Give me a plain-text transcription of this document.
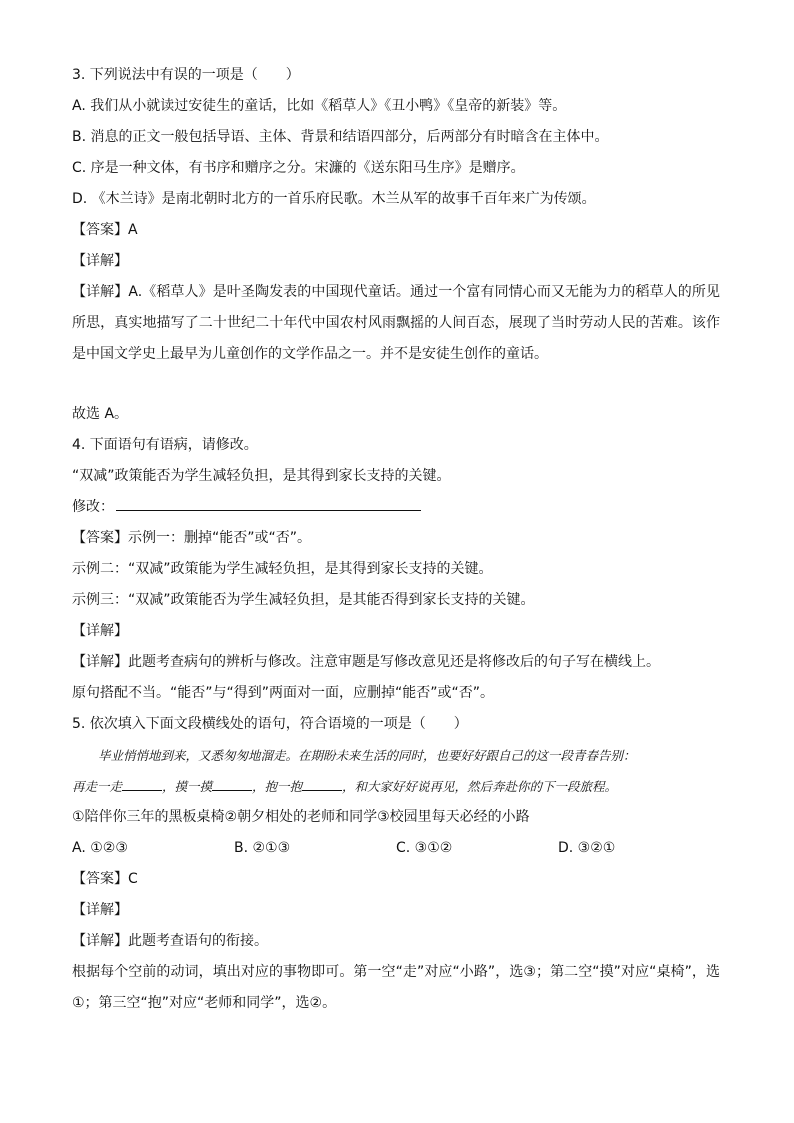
3. 下列说法中有误的一项是（　　）
A. 我们从小就读过安徒生的童话，比如《稻草人》《丑小鸭》《皇帝的新装》等。
B. 消息的正文一般包括导语、主体、背景和结语四部分，后两部分有时暗含在主体中。
C. 序是一种文体，有书序和赠序之分。宋濂的《送东阳马生序》是赠序。
D. 《木兰诗》是南北朝时北方的一首乐府民歌。木兰从军的故事千百年来广为传颂。
【答案】A
【详解】
【详解】A.《稻草人》是叶圣陶发表的中国现代童话。通过一个富有同情心而又无能为力的稻草人的所见所思，真实地描写了二十世纪二十年代中国农村风雨飘摇的人间百态，展现了当时劳动人民的苦难。该作是中国文学史上最早为儿童创作的文学作品之一。并不是安徒生创作的童话。
故选 A。
4. 下面语句有语病，请修改。
“双减”政策能否为学生减轻负担，是其得到家长支持的关键。
修改：
【答案】示例一：删掉“能否”或“否”。
示例二：“双减”政策能为学生减轻负担，是其得到家长支持的关键。
示例三：“双减”政策能否为学生减轻负担，是其能否得到家长支持的关键。
【详解】
【详解】此题考查病句的辨析与修改。注意审题是写修改意见还是将修改后的句子写在横线上。
原句搭配不当。“能否”与“得到”两面对一面，应删掉“能否”或“否”。
5. 依次填入下面文段横线处的语句，符合语境的一项是（　　）
毕业悄悄地到来，又悉匆匆地溜走。在期盼未来生活的同时，也要好好跟自己的这一段青春告别：
再走一走	，摸一摸	，抱一抱	，和大家好好说再见，然后奔赴你的下一段旅程。
①陪伴你三年的黑板桌椅②朝夕相处的老师和同学③校园里每天必经的小路
A. ①②③	B. ②①③	C. ③①②	D. ③②①
【答案】C
【详解】
【详解】此题考查语句的衔接。
根据每个空前的动词，填出对应的事物即可。第一空“走”对应“小路”，选③；第二空“摸”对应“桌椅”，选①；第三空“抱”对应“老师和同学”，选②。
